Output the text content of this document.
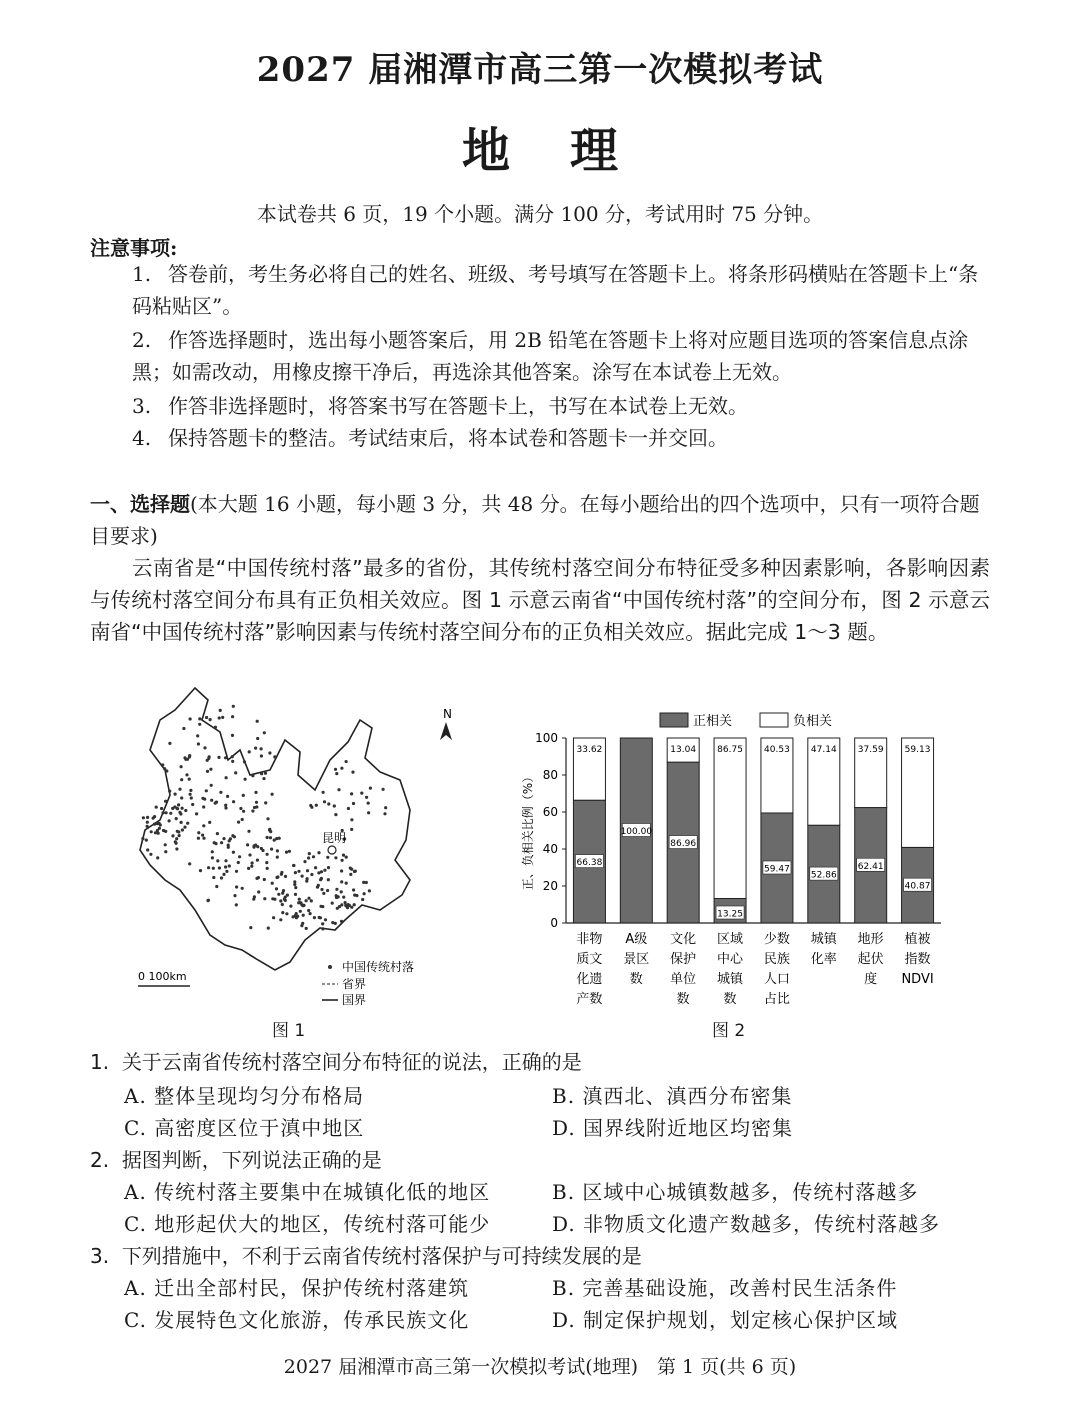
2027 届湘潭市高三第一次模拟考试
地理
本试卷共 6 页，19 个小题。满分 100 分，考试用时 75 分钟。
注意事项:
1. 答卷前，考生务必将自己的姓名、班级、考号填写在答题卡上。将条形码横贴在答题卡上“条码粘贴区”。
2. 作答选择题时，选出每小题答案后，用 2B 铅笔在答题卡上将对应题目选项的答案信息点涂黑；如需改动，用橡皮擦干净后，再选涂其他答案。涂写在本试卷上无效。
3. 作答非选择题时，将答案书写在答题卡上，书写在本试卷上无效。
4. 保持答题卡的整洁。考试结束后，将本试卷和答题卡一并交回。
一、选择题(本大题 16 小题，每小题 3 分，共 48 分。在每小题给出的四个选项中，只有一项符合题目要求)
云南省是“中国传统村落”最多的省份，其传统村落空间分布特征受多种因素影响，各影响因素与传统村落空间分布具有正负相关效应。图 1 示意云南省“中国传统村落”的空间分布，图 2 示意云南省“中国传统村落”影响因素与传统村落空间分布的正负相关效应。据此完成 1～3 题。
昆明
N
0 100km
中国传统村落
省界
国界
图 1
正相关	负相关
正、负相关比例（%）
0
20
40
60
80
100
66.38
33.62
非物
质文
化遗
产数
100.00
A级
景区
数
86.96
13.04
文化
保护
单位
数
13.25
86.75
区域
中心
城镇
数
59.47
40.53
少数
民族
人口
占比
52.86
47.14
城镇
化率
62.41
37.59
地形
起伏
度
40.87
59.13
植被
指数
NDVI
图 2
1. 关于云南省传统村落空间分布特征的说法，正确的是
A. 整体呈现均匀分布格局	B. 滇西北、滇西分布密集
C. 高密度区位于滇中地区	D. 国界线附近地区均密集
2. 据图判断，下列说法正确的是
A. 传统村落主要集中在城镇化低的地区	B. 区域中心城镇数越多，传统村落越多
C. 地形起伏大的地区，传统村落可能少	D. 非物质文化遗产数越多，传统村落越多
3. 下列措施中，不利于云南省传统村落保护与可持续发展的是
A. 迁出全部村民，保护传统村落建筑	B. 完善基础设施，改善村民生活条件
C. 发展特色文化旅游，传承民族文化	D. 制定保护规划，划定核心保护区域
2027 届湘潭市高三第一次模拟考试(地理)　第 1 页(共 6 页)
